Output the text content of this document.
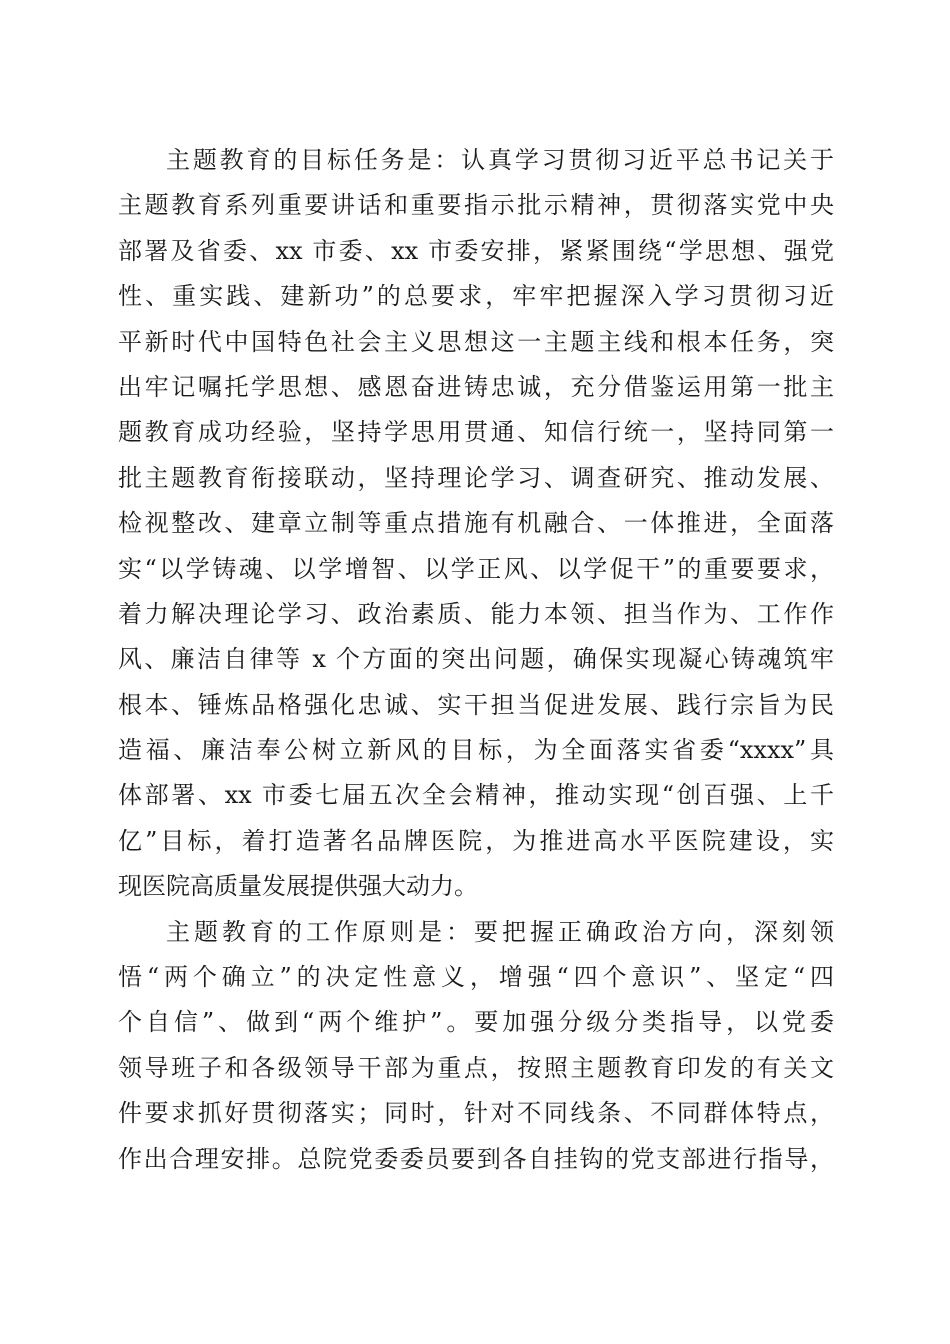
主题教育的目标任务是：认真学习贯彻习近平总书记关于
主题教育系列重要讲话和重要指示批示精神，贯彻落实党中央
部署及省委、xx 市委、xx 市委安排，紧紧围绕“学思想、强党
性、重实践、建新功”的总要求，牢牢把握深入学习贯彻习近
平新时代中国特色社会主义思想这一主题主线和根本任务，突
出牢记嘱托学思想、感恩奋进铸忠诚，充分借鉴运用第一批主
题教育成功经验，坚持学思用贯通、知信行统一，坚持同第一
批主题教育衔接联动，坚持理论学习、调查研究、推动发展、
检视整改、建章立制等重点措施有机融合、一体推进，全面落
实“以学铸魂、以学增智、以学正风、以学促干”的重要要求，
着力解决理论学习、政治素质、能力本领、担当作为、工作作
风、廉洁自律等 x 个方面的突出问题，确保实现凝心铸魂筑牢
根本、锤炼品格强化忠诚、实干担当促进发展、践行宗旨为民
造福、廉洁奉公树立新风的目标，为全面落实省委“xxxx”具
体部署、xx 市委七届五次全会精神，推动实现“创百强、上千
亿”目标，着打造著名品牌医院，为推进高水平医院建设，实
现医院高质量发展提供强大动力。
主题教育的工作原则是：要把握正确政治方向，深刻领
悟“两个确立”的决定性意义，增强“四个意识”、坚定“四
个自信”、做到“两个维护”。要加强分级分类指导，以党委
领导班子和各级领导干部为重点，按照主题教育印发的有关文
件要求抓好贯彻落实；同时，针对不同线条、不同群体特点，
作出合理安排。总院党委委员要到各自挂钩的党支部进行指导，
